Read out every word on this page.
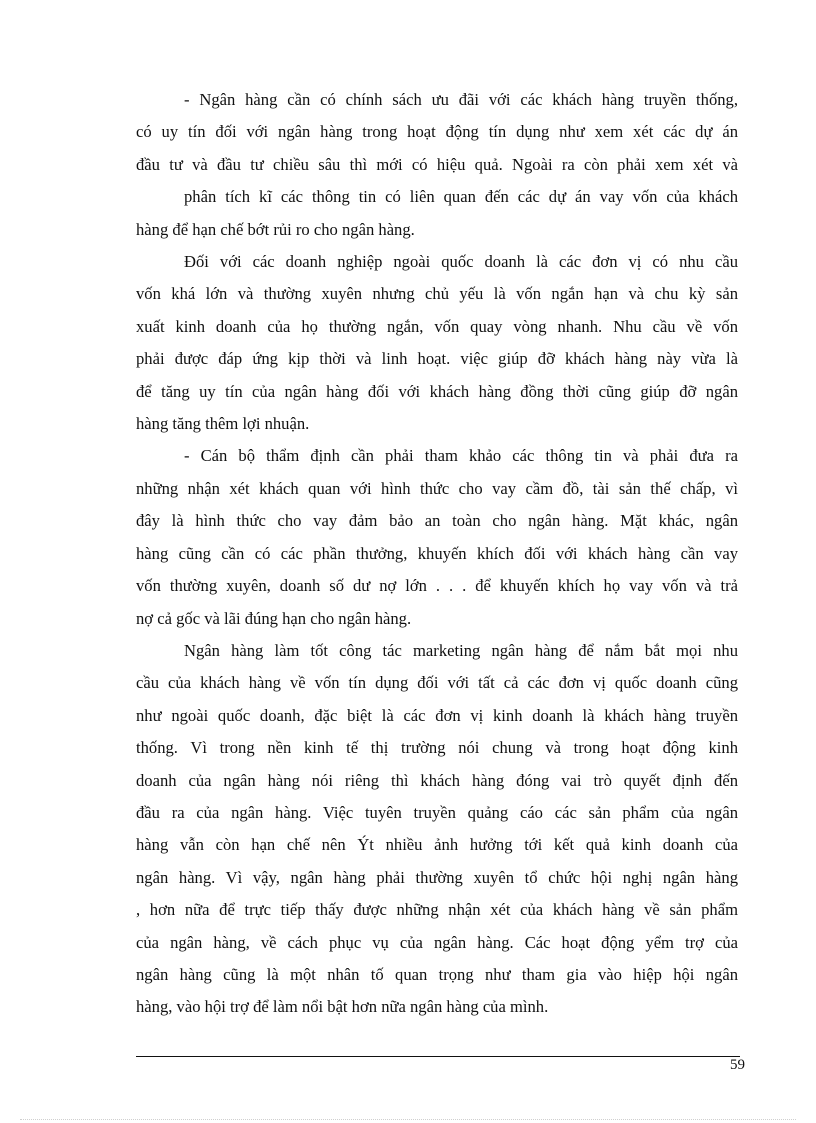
- Ngân hàng cần có chính sách ưu đãi với các khách hàng truyền thống,

có uy tín đối với ngân hàng trong hoạt động tín dụng như xem xét các dự án

đầu tư và đầu tư chiều sâu thì mới có hiệu quả. Ngoài ra còn phải xem xét và

phân tích kĩ các thông tin có liên quan đến các dự án vay vốn của khách

hàng để hạn chế bớt rủi ro cho ngân hàng.

Đối với các doanh nghiệp ngoài quốc doanh là các đơn vị có nhu cầu

vốn khá lớn và thường xuyên nhưng chủ yếu là vốn ngắn hạn và chu kỳ sản

xuất kinh doanh của họ thường ngắn, vốn quay vòng nhanh. Nhu cầu về vốn

phải được đáp ứng kịp thời và linh hoạt. việc giúp đỡ khách hàng này vừa là

để tăng uy tín của ngân hàng đối với khách hàng đồng thời cũng giúp đỡ ngân

hàng tăng thêm lợi nhuận.

- Cán bộ thẩm định cần phải tham khảo các thông tin và phải đưa ra

những nhận xét khách quan với hình thức cho vay cầm đồ, tài sản thế chấp, vì

đây là hình thức cho vay đảm bảo an toàn cho ngân hàng. Mặt khác, ngân

hàng cũng cần có các phần thưởng, khuyến khích đối với khách hàng cần vay

vốn thường xuyên, doanh số dư nợ lớn . . . để khuyến khích họ vay vốn và trả

nợ cả gốc và lãi đúng hạn cho ngân hàng.

Ngân hàng làm tốt công tác marketing ngân hàng để nắm bắt mọi nhu

cầu của khách hàng về vốn tín dụng đối với tất cả các đơn vị quốc doanh cũng

như ngoài quốc doanh, đặc biệt là các đơn vị kinh doanh là khách hàng truyền

thống. Vì trong nền kinh tế thị trường nói chung và trong hoạt động kinh

doanh của ngân hàng nói riêng thì khách hàng đóng vai trò quyết định đến

đầu ra của ngân hàng. Việc tuyên truyền quảng cáo các sản phẩm của ngân

hàng vẫn còn hạn chế nên Ýt nhiều ảnh hưởng tới kết quả kinh doanh của

ngân hàng. Vì vậy, ngân hàng phải thường xuyên tổ chức hội nghị ngân hàng

, hơn nữa để trực tiếp thấy được những nhận xét của khách hàng về sản phẩm

của ngân hàng, về cách phục vụ của ngân hàng. Các hoạt động yểm trợ của

ngân hàng cũng là một nhân tố quan trọng như tham gia vào hiệp hội ngân

hàng, vào hội trợ để làm nổi bật hơn nữa ngân hàng của mình.

59
